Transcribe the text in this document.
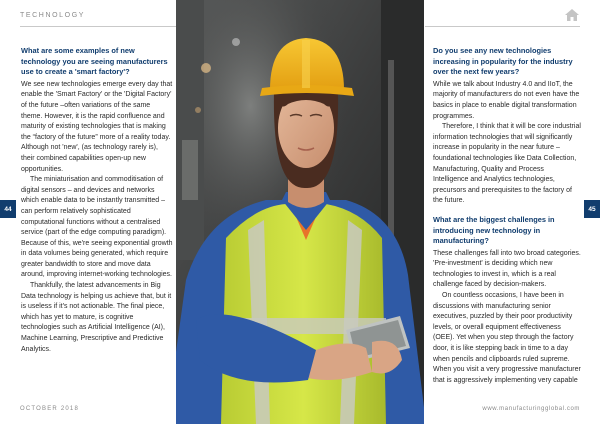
TECHNOLOGY
What are some examples of new technology you are seeing manufacturers use to create a 'smart factory'?

We see new technologies emerge every day that enable the 'Smart Factory' or the 'Digital Factory' of the future –often variations of the same theme. However, it is the rapid confluence and maturity of existing technologies that is making the “factory of the future” more of a reality today. Although not 'new', (as technology rarely is), their combined capabilities open-up new opportunities.

The miniaturisation and commoditisation of digital sensors – and devices and networks which enable data to be instantly transmitted – can perform relatively sophisticated computational functions without a centralised service (part of the edge computing paradigm). Because of this, we're seeing exponential growth in data volumes being generated, which require greater bandwidth to store and move data around, improving internet-working technologies.

Thankfully, the latest advancements in Big Data technology is helping us achieve that, but it is useless if it's not actionable. The final piece, which has yet to mature, is cognitive technologies such as Artificial Intelligence (AI), Machine Learning, Prescriptive and Predictive Analytics.

Do you see any new technologies increasing in popularity for the industry over the next few years?

While we talk about Industry 4.0 and IIoT, the majority of manufacturers do not even have the basics in place to enable digital transformation programmes.

Therefore, I think that it will be core industrial information technologies that will significantly increase in popularity in the near future – foundational technologies like Data Collection, Manufacturing, Quality and Process Intelligence and Analytics technologies, precursors and prerequisites to the factory of the future.

What are the biggest challenges in introducing new technology in manufacturing?

These challenges fall into two broad categories. 'Pre-investment' is deciding which new technologies to invest in, which is a real challenge faced by decision-makers.

On countless occasions, I have been in discussions with manufacturing senior executives, puzzled by their poor productivity levels, or overall equipment effectiveness (OEE). Yet when you step through the factory door, it is like stepping back in time to a day when pencils and clipboards ruled supreme. When you visit a very progressive manufacturer that is aggressively implementing very capable

44	45
OCTOBER 2018	www.manufacturingglobal.com
